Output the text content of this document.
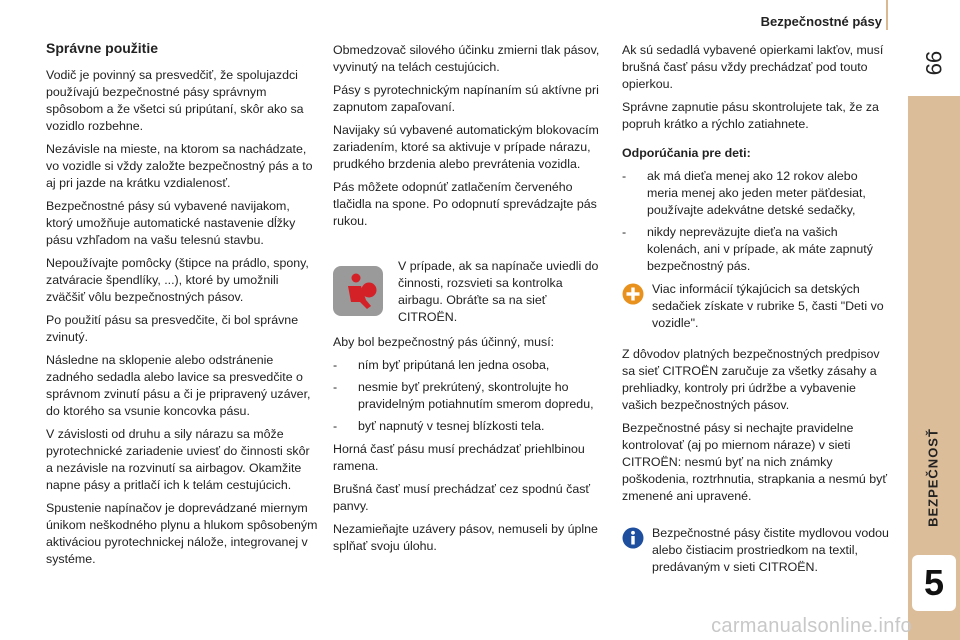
Bezpečnostné pásy
99
BEZPEČNOSŤ
5
Správne použitie

Vodič je povinný sa presvedčiť, že spolujazdci používajú bezpečnostné pásy správnym spôsobom a že všetci sú pripútaní, skôr ako sa vozidlo rozbehne.

Nezávisle na mieste, na ktorom sa nachádzate, vo vozidle si vždy založte bezpečnostný pás a to aj pri jazde na krátku vzdialenosť.

Bezpečnostné pásy sú vybavené navijakom, ktorý umožňuje automatické nastavenie dĺžky pásu vzhľadom na vašu telesnú stavbu.

Nepoužívajte pomôcky (štipce na prádlo, spony, zatváracie špendlíky, ...), ktoré by umožnili zväčšiť vôlu bezpečnostných pásov.

Po použití pásu sa presvedčite, či bol správne zvinutý.

Následne na sklopenie alebo odstránenie zadného sedadla alebo lavice sa presvedčite o správnom zvinutí pásu a či je pripravený uzáver, do ktorého sa vsunie koncovka pásu.

V závislosti od druhu a sily nárazu sa môže pyrotechnické zariadenie uviesť do činnosti skôr a nezávisle na rozvinutí sa airbagov. Okamžite napne pásy a pritlačí ich k telám cestujúcich.

Spustenie napínačov je doprevádzané miernym únikom neškodného plynu a hlukom spôsobeným aktiváciou pyrotechnickej nálože, integrovanej v systéme.

Obmedzovač silového účinku zmierni tlak pásov, vyvinutý na telách cestujúcich.

Pásy s pyrotechnickým napínaním sú aktívne pri zapnutom zapaľovaní.

Navijaky sú vybavené automatickým blokovacím zariadením, ktoré sa aktivuje v prípade nárazu, prudkého brzdenia alebo prevrátenia vozidla.

Pás môžete odopnúť zatlačením červeného tlačidla na spone. Po odopnutí sprevádzajte pás rukou.

V prípade, ak sa napínače uviedli do činnosti, rozsvieti sa kontrolka airbagu. Obráťte sa na sieť CITROËN.

Aby bol bezpečnostný pás účinný, musí:

- ním byť pripútaná len jedna osoba,
- nesmie byť prekrútený, skontrolujte ho pravidelným potiahnutím smerom dopredu,
- byť napnutý v tesnej blízkosti tela.

Horná časť pásu musí prechádzať priehlbinou ramena.

Brušná časť musí prechádzať cez spodnú časť panvy.

Nezamieňajte uzávery pásov, nemuseli by úplne splňať svoju úlohu.

Ak sú sedadlá vybavené opierkami lakťov, musí brušná časť pásu vždy prechádzať pod touto opierkou.

Správne zapnutie pásu skontrolujete tak, že za popruh krátko a rýchlo zatiahnete.

Odporúčania pre deti:

- ak má dieťa menej ako 12 rokov alebo meria menej ako jeden meter päťdesiat, používajte adekvátne detské sedačky,
- nikdy nepreväzujte dieťa na vašich kolenách, ani v prípade, ak máte zapnutý bezpečnostný pás.
Viac informácií týkajúcich sa detských sedačiek získate v rubrike 5, časti "Deti vo vozidle".

Z dôvodov platných bezpečnostných predpisov sa sieť CITROËN zaručuje za všetky zásahy a prehliadky, kontroly pri údržbe a vybavenie vašich bezpečnostných pásov.

Bezpečnostné pásy si nechajte pravidelne kontrolovať (aj po miernom náraze) v sieti CITROËN: nesmú byť na nich známky poškodenia, roztrhnutia, strapkania a nesmú byť zmenené ani upravené.

Bezpečnostné pásy čistite mydlovou vodou alebo čistiacim prostriedkom na textil, predávaným v sieti CITROËN.
carmanualsonline.info
